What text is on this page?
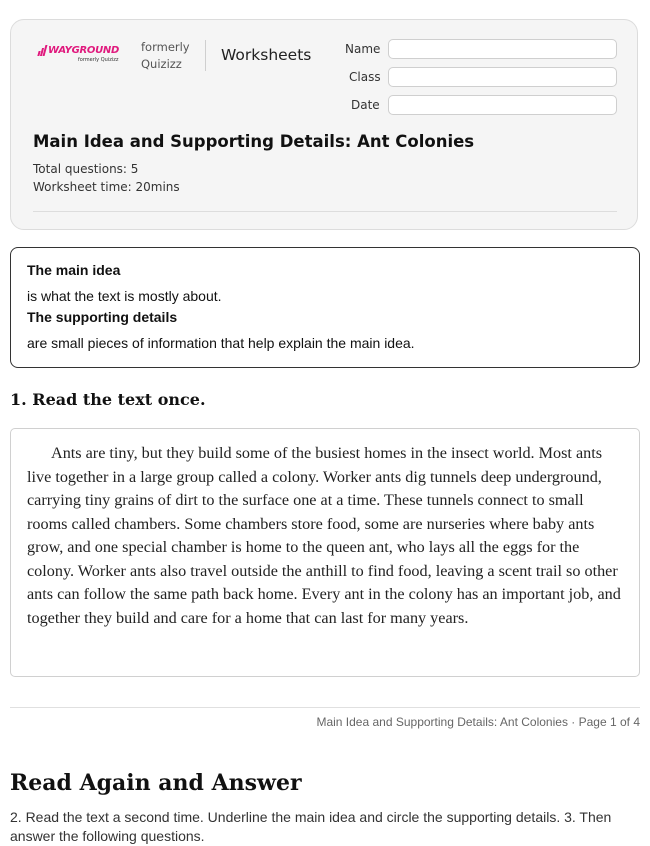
WAYGROUND
formerly Quizizz
formerly
Quizizz	Worksheets	Name
Class
Date
Main Idea and Supporting Details: Ant Colonies
Total questions: 5
Worksheet time: 20mins
The main idea
is what the text is mostly about.
The supporting details
are small pieces of information that help explain the main idea.
1. Read the text once.

Ants are tiny, but they build some of the busiest homes in the insect world. Most ants live together in a large group called a colony. Worker ants dig tunnels deep underground, carrying tiny grains of dirt to the surface one at a time. These tunnels connect to small rooms called chambers. Some chambers store food, some are nurseries where baby ants grow, and one special chamber is home to the queen ant, who lays all the eggs for the colony. Worker ants also travel outside the anthill to find food, leaving a scent trail so other ants can follow the same path back home. Every ant in the colony has an important job, and together they build and care for a home that can last for many years.

Main Idea and Supporting Details: Ant Colonies · Page 1 of 4
Read Again and Answer

2. Read the text a second time. Underline the main idea and circle the supporting details. 3. Then answer the following questions.
